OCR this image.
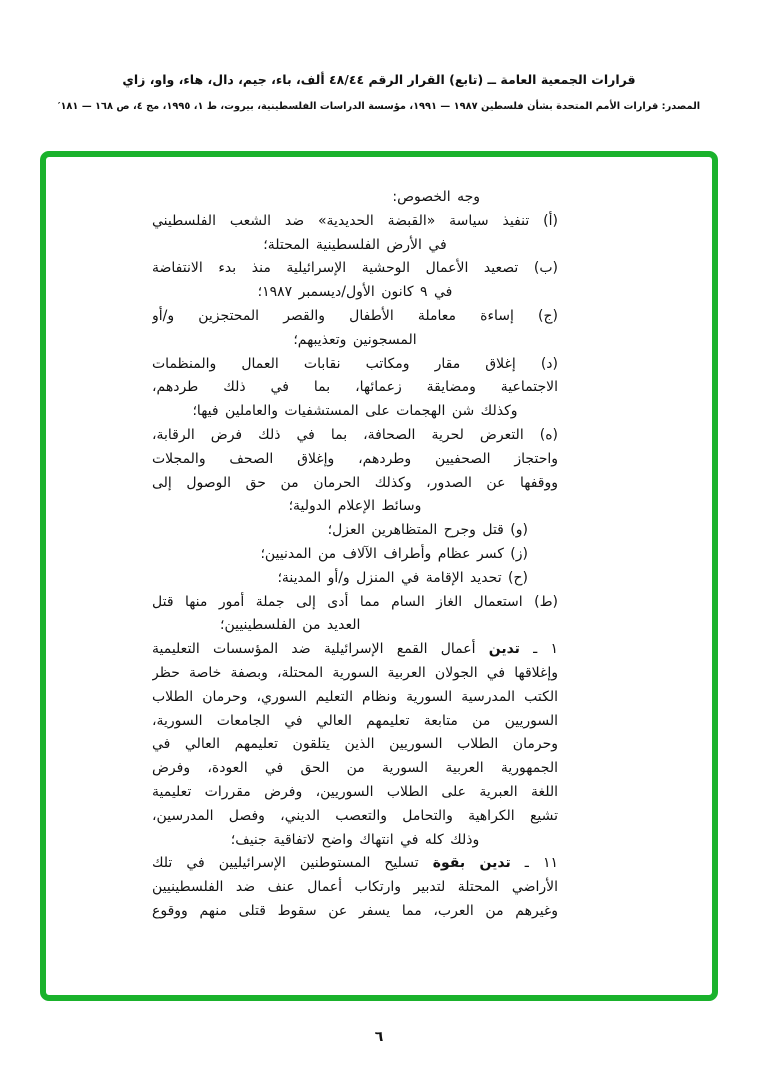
قرارات الجمعية العامة ــ (تابع) القرار الرقم ٤٨/٤٤ ألف، باء، جيم، دال، هاء، واو، زاي
المصدر: قرارات الأمم المتحدة بشأن فلسطين ١٩٨٧ — ١٩٩١، مؤسسة الدراسات الفلسطينية، بيروت، ط ١، ١٩٩٥، مج ٤، ص ١٦٨ — ١٨١′
وجه الخصوص:
(أ) تنفيذ سياسة «القبضة الحديدية» ضد الشعب الفلسطيني
في الأرض الفلسطينية المحتلة؛
(ب) تصعيد الأعمال الوحشية الإسرائيلية منذ بدء الانتفاضة
في ٩ كانون الأول/ديسمبر ١٩٨٧؛
(ج) إساءة معاملة الأطفال والقصر المحتجزين و/أو
المسجونين وتعذيبهم؛
(د) إغلاق مقار ومكاتب نقابات العمال والمنظمات
الاجتماعية ومضايقة زعمائها، بما في ذلك طردهم،
وكذلك شن الهجمات على المستشفيات والعاملين فيها؛
(ه) التعرض لحرية الصحافة، بما في ذلك فرض الرقابة،
واحتجاز الصحفيين وطردهم، وإغلاق الصحف والمجلات
ووقفها عن الصدور، وكذلك الحرمان من حق الوصول إلى
وسائط الإعلام الدولية؛
(و) قتل وجرح المتظاهرين العزل؛
(ز) كسر عظام وأطراف الآلاف من المدنيين؛
(ح) تحديد الإقامة في المنزل و/أو المدينة؛
(ط) استعمال الغاز السام مما أدى إلى جملة أمور منها قتل
العديد من الفلسطينيين؛
١ ـ تدين أعمال القمع الإسرائيلية ضد المؤسسات التعليمية
وإغلاقها في الجولان العربية السورية المحتلة، وبصفة خاصة حظر
الكتب المدرسية السورية ونظام التعليم السوري، وحرمان الطلاب
السوريين من متابعة تعليمهم العالي في الجامعات السورية،
وحرمان الطلاب السوريين الذين يتلقون تعليمهم العالي في
الجمهورية العربية السورية من الحق في العودة، وفرض
اللغة العبرية على الطلاب السوريين، وفرض مقررات تعليمية
تشيع الكراهية والتحامل والتعصب الديني، وفصل المدرسين،
وذلك كله في انتهاك واضح لاتفاقية جنيف؛
١١ ـ تدين بقوة تسليح المستوطنين الإسرائيليين في تلك
الأراضي المحتلة لتدبير وارتكاب أعمال عنف ضد الفلسطينيين
وغيرهم من العرب، مما يسفر عن سقوط قتلى منهم ووقوع
٦
